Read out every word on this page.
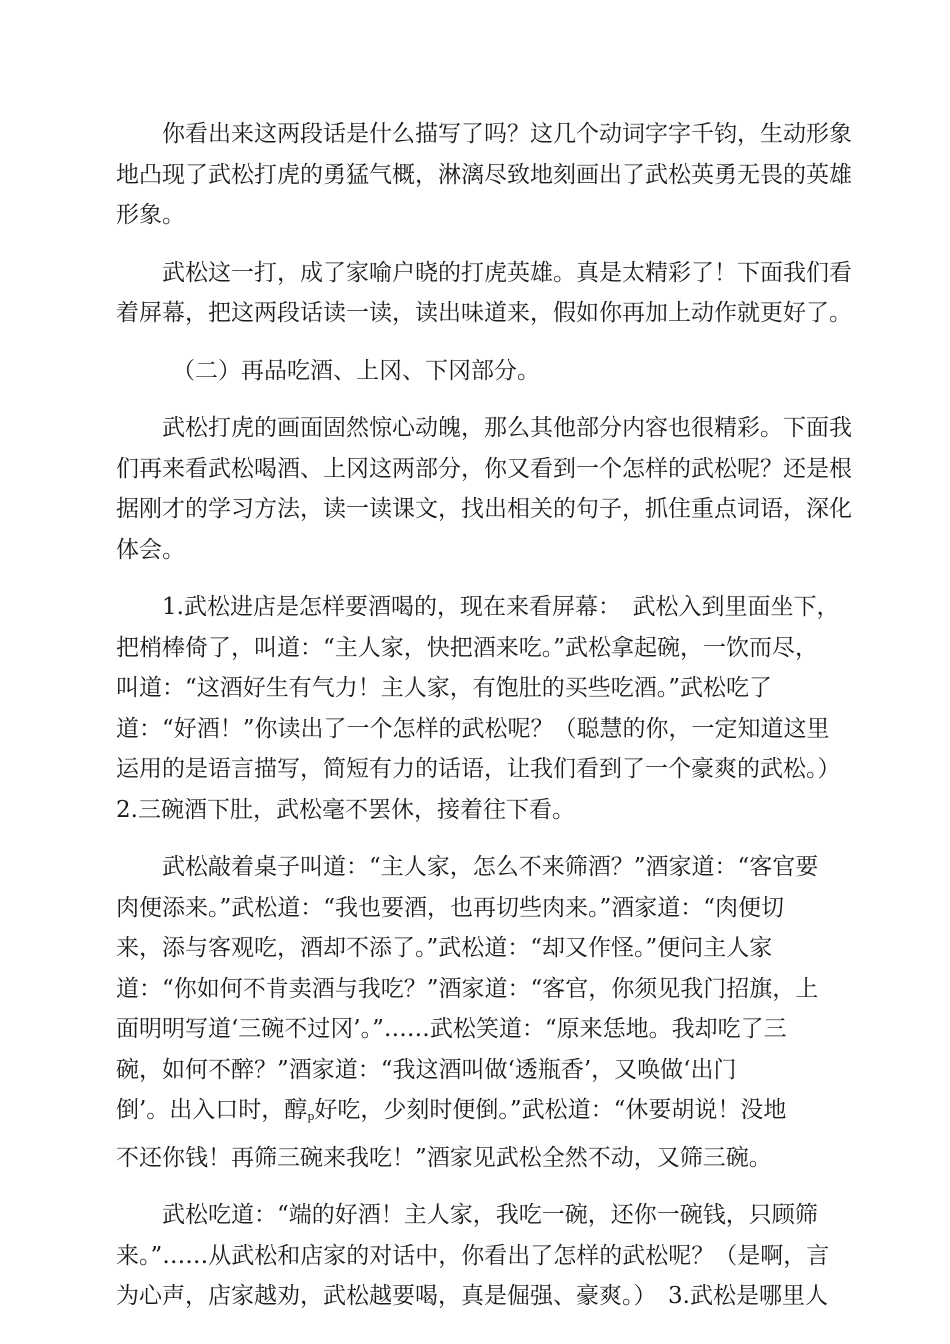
你看出来这两段话是什么描写了吗？这几个动词字字千钧，生动形象
地凸现了武松打虎的勇猛气概，淋漓尽致地刻画出了武松英勇无畏的英雄
形象。

武松这一打，成了家喻户晓的打虎英雄。真是太精彩了！下面我们看
着屏幕，把这两段话读一读，读出味道来，假如你再加上动作就更好了。

（二）再品吃酒、上冈、下冈部分。

武松打虎的画面固然惊心动魄，那么其他部分内容也很精彩。下面我
们再来看武松喝酒、上冈这两部分，你又看到一个怎样的武松呢？还是根
据刚才的学习方法，读一读课文，找出相关的句子，抓住重点词语，深化
体会。

1.武松进店是怎样要酒喝的，现在来看屏幕：　武松入到里面坐下，
把梢棒倚了，叫道：“主人家，快把酒来吃。”武松拿起碗，一饮而尽，
叫道：“这酒好生有气力！主人家，有饱肚的买些吃酒。”武松吃了
道：“好酒！”你读出了一个怎样的武松呢？（聪慧的你，一定知道这里
运用的是语言描写，简短有力的话语，让我们看到了一个豪爽的武松。）
2.三碗酒下肚，武松毫不罢休，接着往下看。

武松敲着桌子叫道：“主人家，怎么不来筛酒？”酒家道：“客官要
肉便添来。”武松道：“我也要酒，也再切些肉来。”酒家道：“肉便切
来，添与客观吃，酒却不添了。”武松道：“却又作怪。”便问主人家
道：“你如何不肯卖酒与我吃？”酒家道：“客官，你须见我门招旗，上
面明明写道‘三碗不过冈’。”……武松笑道：“原来恁地。我却吃了三
碗，如何不醉？”酒家道：“我这酒叫做‘透瓶香’，又唤做‘出门
倒’。出入口时，醇$_p$好吃，少刻时便倒。”武松道：“休要胡说！没地
不还你钱！再筛三碗来我吃！”酒家见武松全然不动，又筛三碗。

武松吃道：“端的好酒！主人家，我吃一碗，还你一碗钱，只顾筛
来。”……从武松和店家的对话中，你看出了怎样的武松呢？（是啊，言
为心声，店家越劝，武松越要喝，真是倔强、豪爽。）　3.武松是哪里人
